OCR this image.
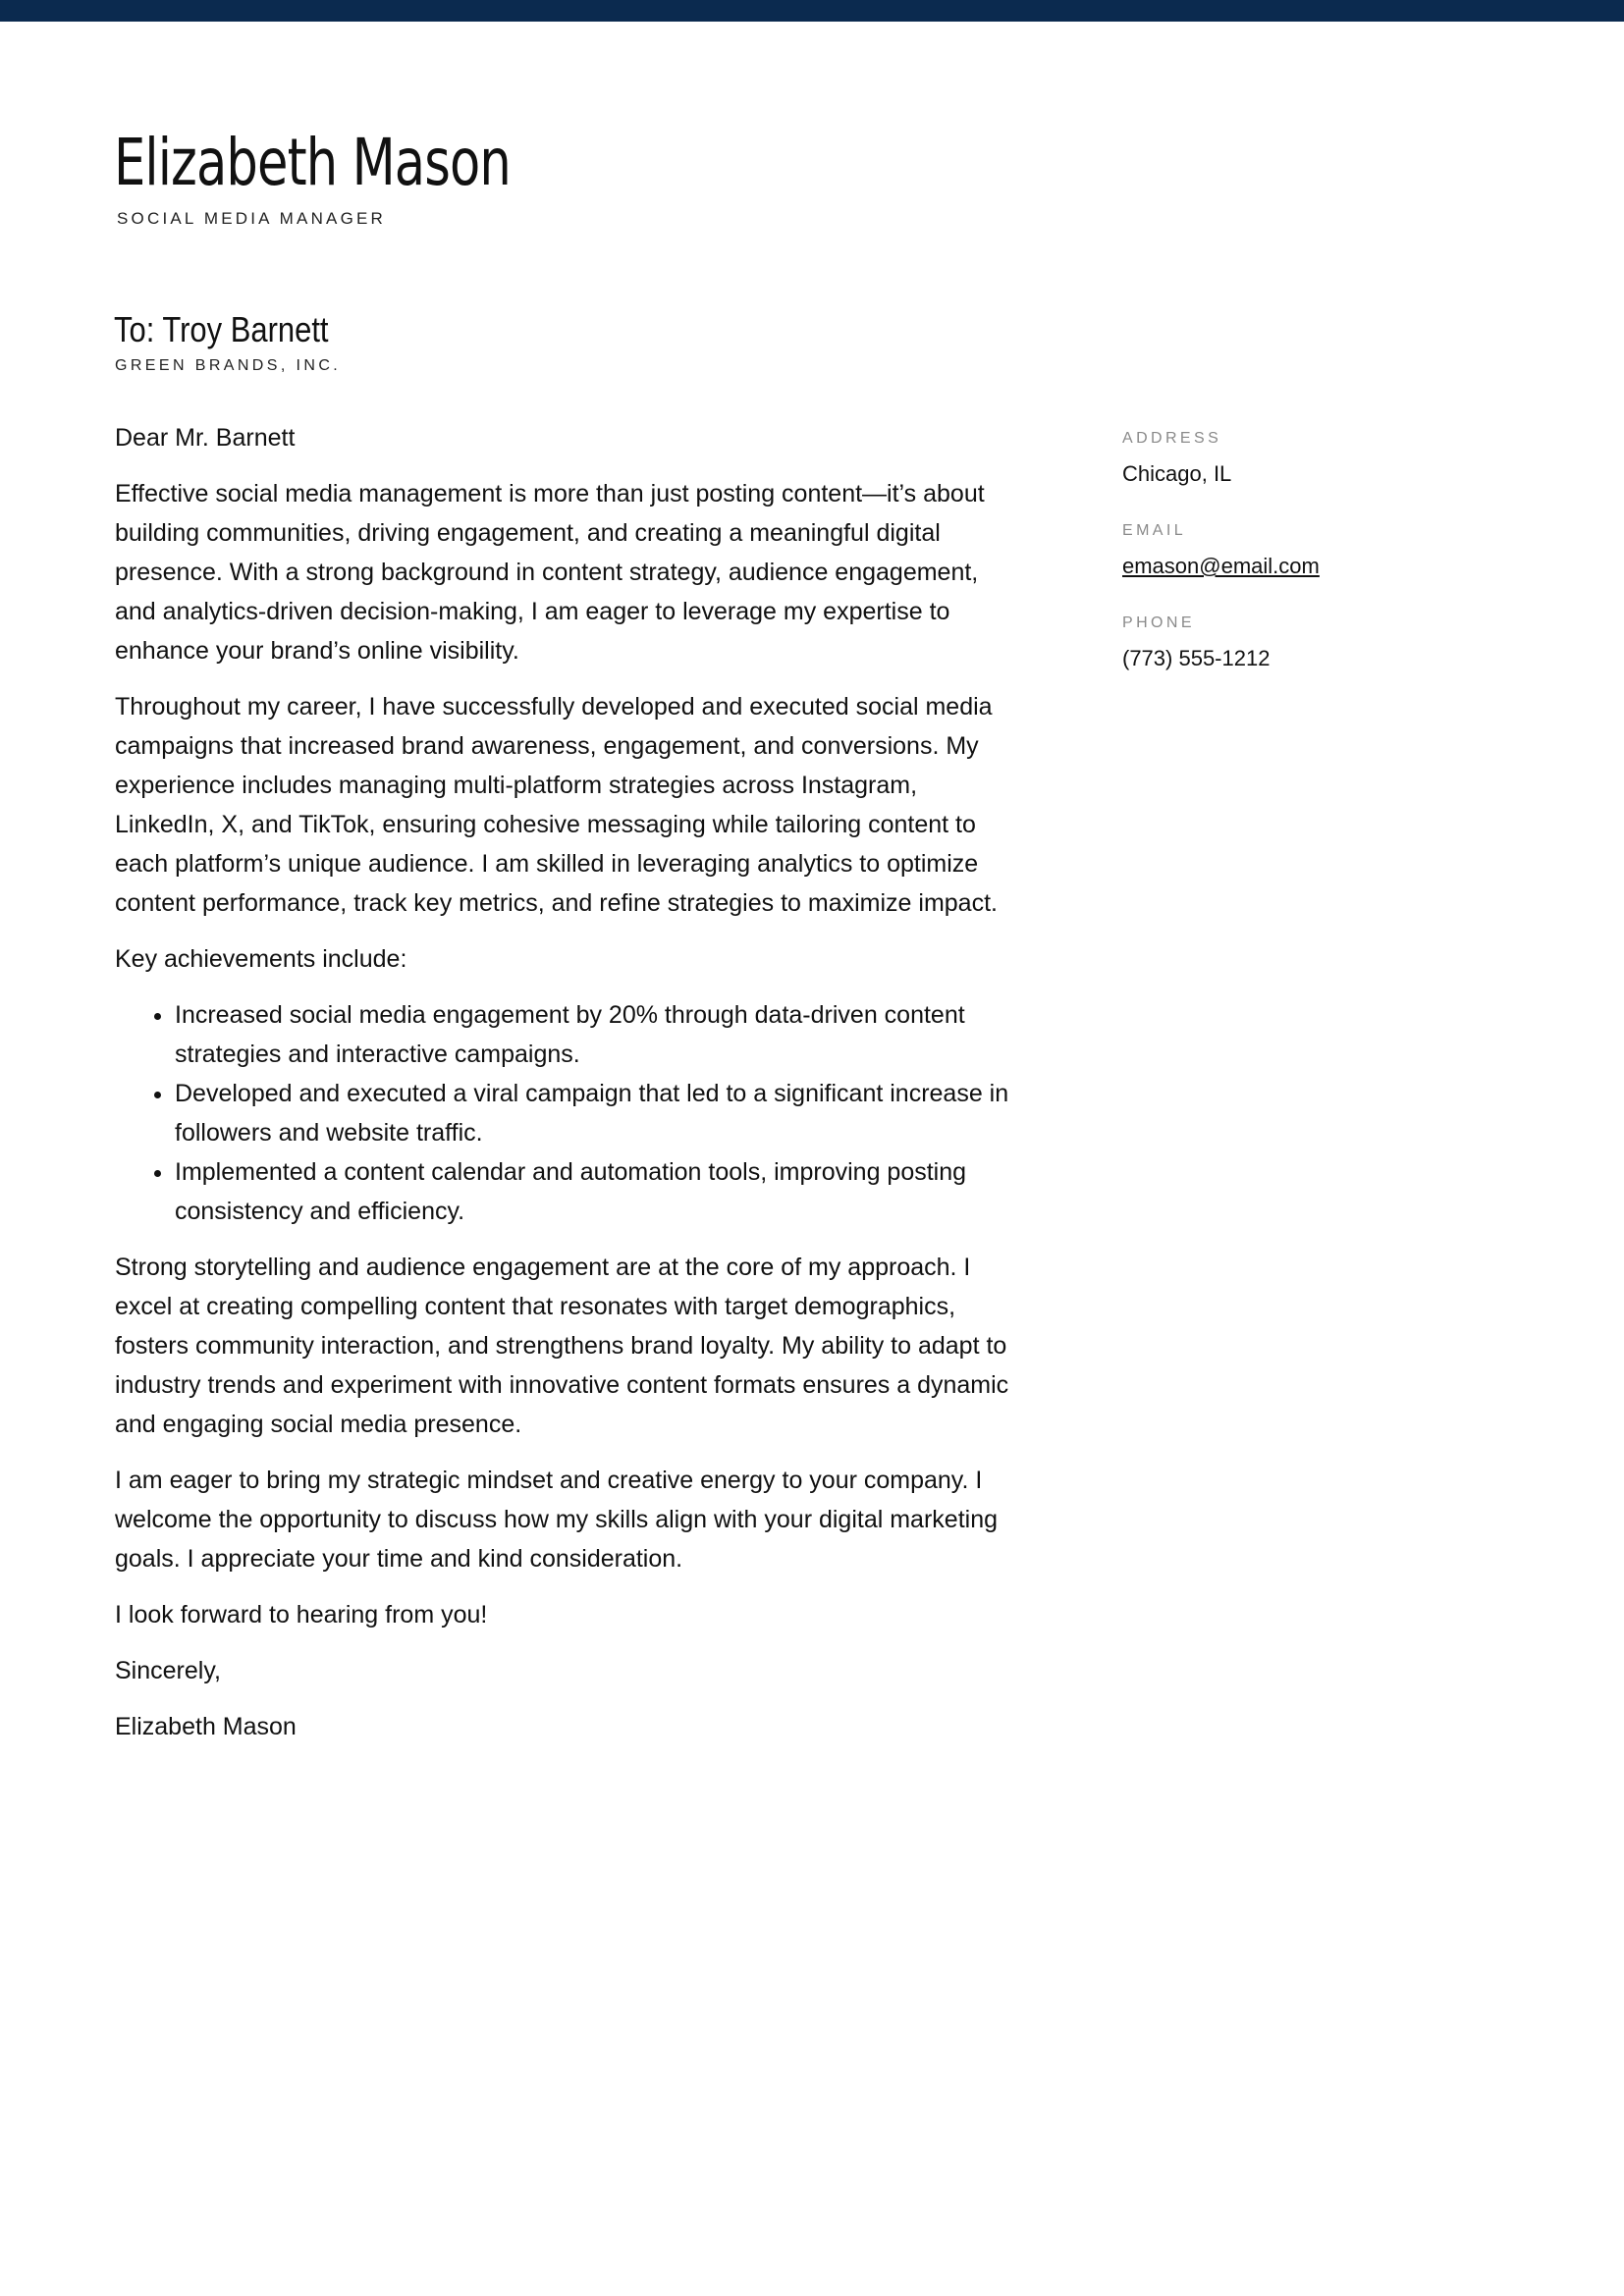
Elizabeth Mason
SOCIAL MEDIA MANAGER
To: Troy Barnett
GREEN BRANDS, INC.

Dear Mr. Barnett

Effective social media management is more than just posting content—it’s about building communities, driving engagement, and creating a meaningful digital presence. With a strong background in content strategy, audience engagement, and analytics-driven decision-making, I am eager to leverage my expertise to enhance your brand’s online visibility.

Throughout my career, I have successfully developed and executed social media campaigns that increased brand awareness, engagement, and conversions. My experience includes managing multi-platform strategies across Instagram, LinkedIn, X, and TikTok, ensuring cohesive messaging while tailoring content to each platform’s unique audience. I am skilled in leveraging analytics to optimize content performance, track key metrics, and refine strategies to maximize impact.

Key achievements include:

• Increased social media engagement by 20% through data-driven content strategies and interactive campaigns.
• Developed and executed a viral campaign that led to a significant increase in followers and website traffic.
• Implemented a content calendar and automation tools, improving posting consistency and efficiency.

Strong storytelling and audience engagement are at the core of my approach. I excel at creating compelling content that resonates with target demographics, fosters community interaction, and strengthens brand loyalty. My ability to adapt to industry trends and experiment with innovative content formats ensures a dynamic and engaging social media presence.

I am eager to bring my strategic mindset and creative energy to your company. I welcome the opportunity to discuss how my skills align with your digital marketing goals. I appreciate your time and kind consideration.

I look forward to hearing from you!

Sincerely,

Elizabeth Mason

ADDRESS
Chicago, IL
EMAIL
emason@email.com
PHONE
(773) 555-1212
